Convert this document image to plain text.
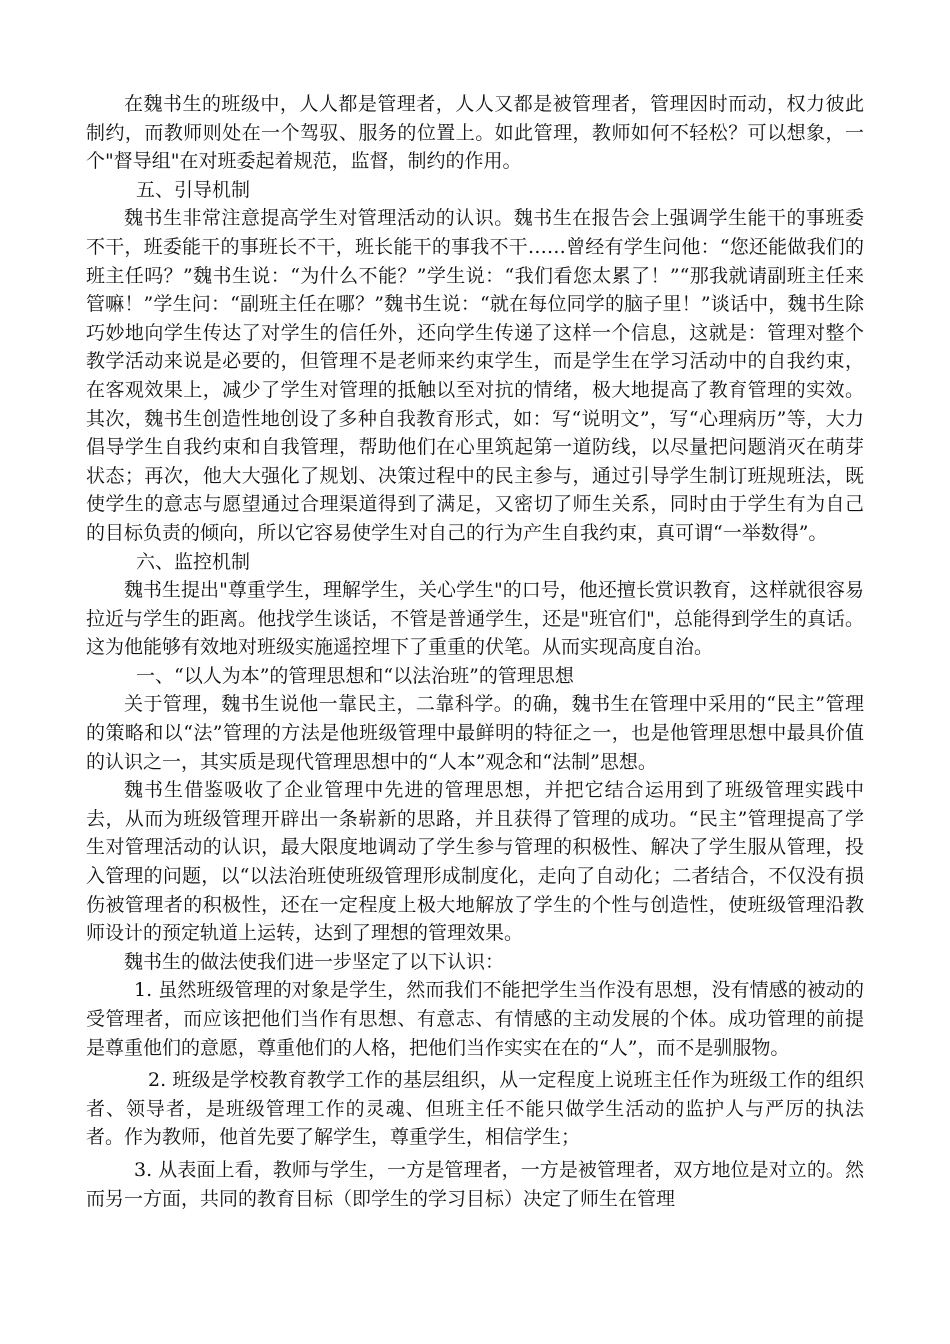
在魏书生的班级中，人人都是管理者，人人又都是被管理者，管理因时而动，权力彼此制约，而教师则处在一个驾驭、服务的位置上。如此管理，教师如何不轻松？可以想象，一个"督导组"在对班委起着规范，监督，制约的作用。

五、引导机制

魏书生非常注意提高学生对管理活动的认识。魏书生在报告会上强调学生能干的事班委不干，班委能干的事班长不干，班长能干的事我不干……曾经有学生问他：“您还能做我们的班主任吗？”魏书生说：“为什么不能？”学生说：“我们看您太累了！”“那我就请副班主任来管嘛！”学生问：“副班主任在哪？”魏书生说：“就在每位同学的脑子里！”谈话中，魏书生除巧妙地向学生传达了对学生的信任外，还向学生传递了这样一个信息，这就是：管理对整个教学活动来说是必要的，但管理不是老师来约束学生，而是学生在学习活动中的自我约束，在客观效果上，减少了学生对管理的抵触以至对抗的情绪，极大地提高了教育管理的实效。其次，魏书生创造性地创设了多种自我教育形式，如：写“说明文”，写“心理病历”等，大力倡导学生自我约束和自我管理，帮助他们在心里筑起第一道防线，以尽量把问题消灭在萌芽状态；再次，他大大强化了规划、决策过程中的民主参与，通过引导学生制订班规班法，既使学生的意志与愿望通过合理渠道得到了满足，又密切了师生关系，同时由于学生有为自己的目标负责的倾向，所以它容易使学生对自己的行为产生自我约束，真可谓“一举数得”。

六、监控机制

魏书生提出"尊重学生，理解学生，关心学生"的口号，他还擅长赏识教育，这样就很容易拉近与学生的距离。他找学生谈话，不管是普通学生，还是"班官们"，总能得到学生的真话。这为他能够有效地对班级实施遥控埋下了重重的伏笔。从而实现高度自治。

一、“以人为本”的管理思想和“以法治班”的管理思想

关于管理，魏书生说他一靠民主，二靠科学。的确，魏书生在管理中采用的“民主”管理的策略和以“法”管理的方法是他班级管理中最鲜明的特征之一，也是他管理思想中最具价值的认识之一，其实质是现代管理思想中的“人本”观念和“法制”思想。

魏书生借鉴吸收了企业管理中先进的管理思想，并把它结合运用到了班级管理实践中去，从而为班级管理开辟出一条崭新的思路，并且获得了管理的成功。“民主”管理提高了学生对管理活动的认识，最大限度地调动了学生参与管理的积极性、解决了学生服从管理，投入管理的问题，以“以法治班使班级管理形成制度化，走向了自动化；二者结合，不仅没有损伤被管理者的积极性，还在一定程度上极大地解放了学生的个性与创造性，使班级管理沿教师设计的预定轨道上运转，达到了理想的管理效果。

魏书生的做法使我们进一步坚定了以下认识：

1. 虽然班级管理的对象是学生，然而我们不能把学生当作没有思想，没有情感的被动的受管理者，而应该把他们当作有思想、有意志、有情感的主动发展的个体。成功管理的前提是尊重他们的意愿，尊重他们的人格，把他们当作实实在在的“人”，而不是驯服物。

2. 班级是学校教育教学工作的基层组织，从一定程度上说班主任作为班级工作的组织者、领导者，是班级管理工作的灵魂、但班主任不能只做学生活动的监护人与严厉的执法者。作为教师，他首先要了解学生，尊重学生，相信学生；

3. 从表面上看，教师与学生，一方是管理者，一方是被管理者，双方地位是对立的。然而另一方面，共同的教育目标（即学生的学习目标）决定了师生在管理
